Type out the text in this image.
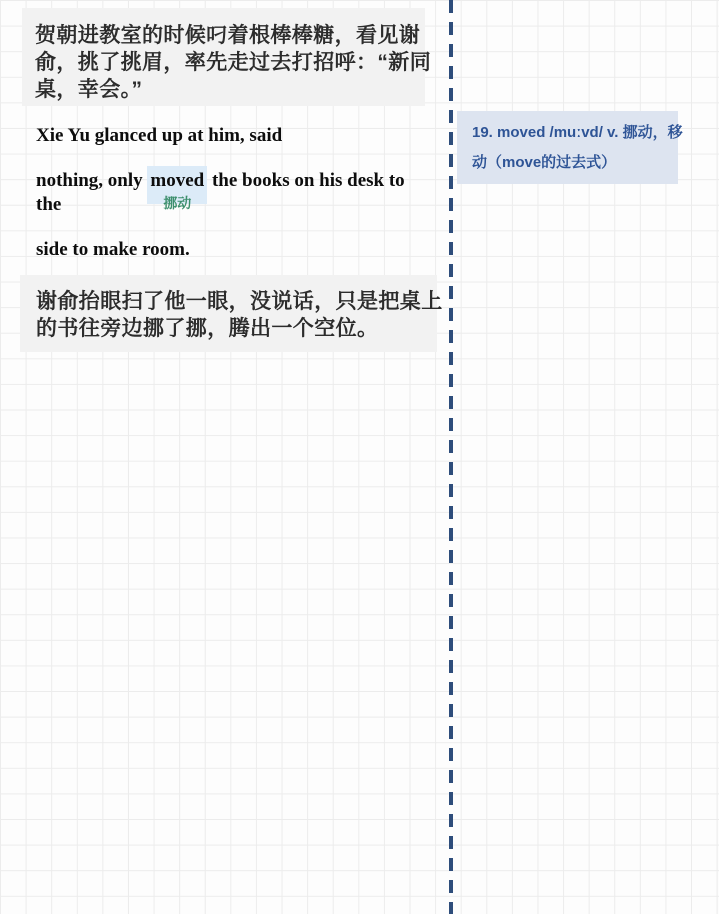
贺朝进教室的时候叼着根棒棒糖，看见谢
俞，挑了挑眉，率先走过去打招呼：“新同
桌，幸会。”
Xie Yu glanced up at him, said
nothing, only moved
挪动
the books on his desk to
the
side to make room.
谢俞抬眼扫了他一眼，没说话，只是把桌上
的书往旁边挪了挪，腾出一个空位。
19. moved /muːvd/ v. 挪动，移
动（move的过去式）
